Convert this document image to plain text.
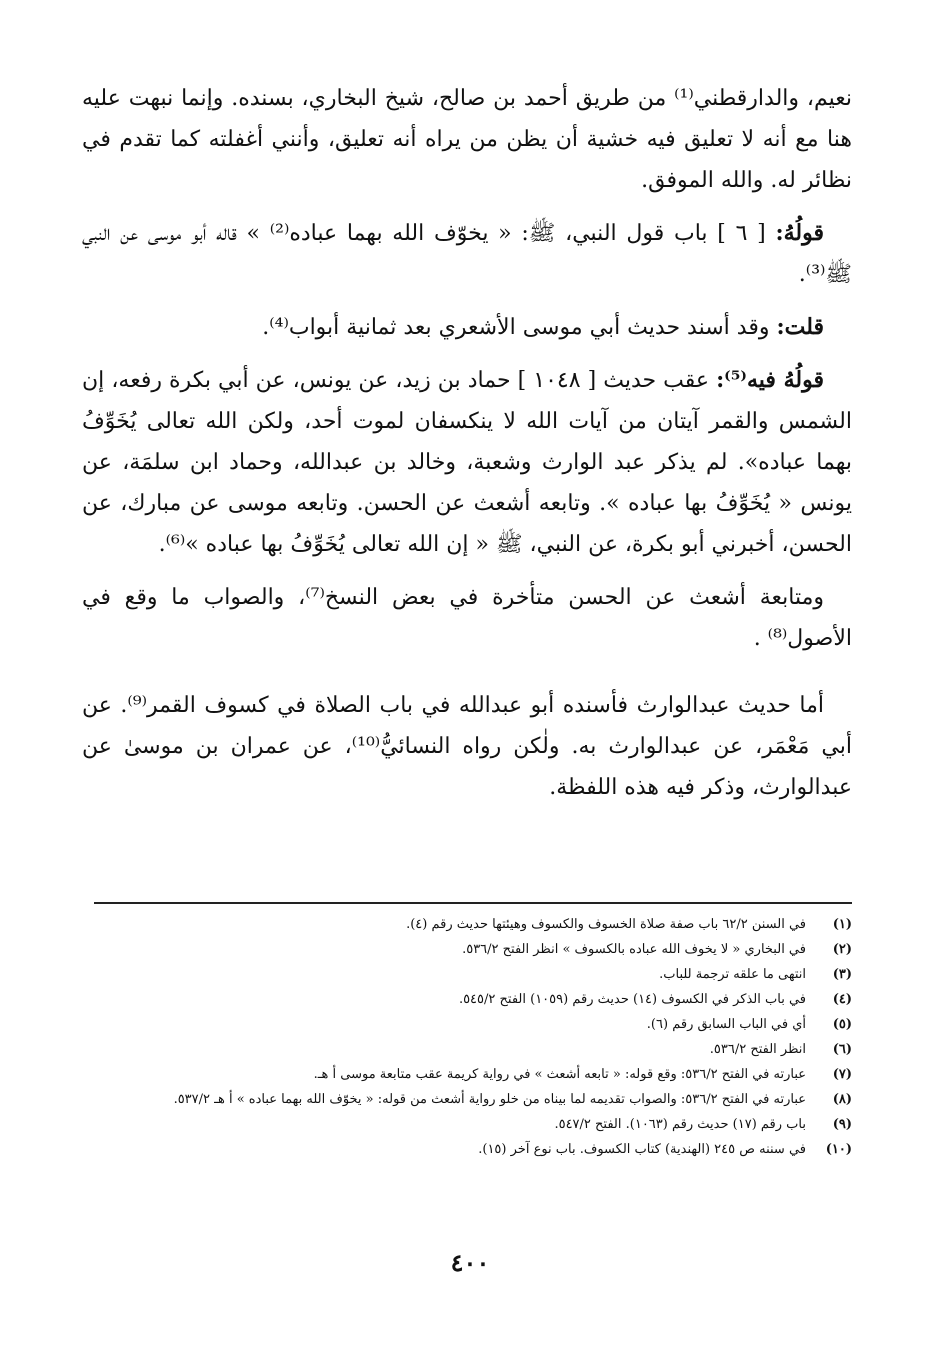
نعيم، والدارقطني⁽¹⁾ من طريق أحمد بن صالح، شيخ البخاري، بسنده. وإنما نبهت عليه هنا مع أنه لا تعليق فيه خشية أن يظن من يراه أنه تعليق، وأنني أغفلته كما تقدم في نظائر له. والله الموفق.

قولُهُ: [ ٦ ] باب قول النبي، ﷺ: « يخوّف الله بهما عباده⁽²⁾ » قاله أبو موسى عن النبي ﷺ⁽³⁾.

قلت: وقد أسند حديث أبي موسى الأشعري بعد ثمانية أبواب⁽⁴⁾.

قولُهُ فيه⁽⁵⁾: عقب حديث [ ١٠٤٨ ] حماد بن زيد، عن يونس، عن أبي بكرة رفعه، إن الشمس والقمر آيتان من آيات الله لا ينكسفان لموت أحد، ولكن الله تعالى يُخَوِّفُ بهما عباده». لم يذكر عبد الوارث وشعبة، وخالد بن عبدالله، وحماد ابن سلمَة، عن يونس « يُخَوِّفُ بها عباده ». وتابعه أشعث عن الحسن. وتابعه موسى عن مبارك، عن الحسن، أخبرني أبو بكرة، عن النبي، ﷺ « إن الله تعالى يُخَوِّفُ بها عباده »⁽⁶⁾.

ومتابعة أشعث عن الحسن متأخرة في بعض النسخ⁽⁷⁾، والصواب ما وقع في الأصول⁽⁸⁾ .

أما حديث عبدالوارث فأسنده أبو عبدالله في باب الصلاة في كسوف القمر⁽⁹⁾. عن أبي مَعْمَر، عن عبدالوارث به. ولٰكن رواه النسائيُّ⁽¹⁰⁾، عن عمران بن موسىٰ عن عبدالوارث، وذكر فيه هذه اللفظة.

(١)
في السنن ٦٢/٢ باب صفة صلاة الخسوف والكسوف وهيئتها حديث رقم (٤).
(٢)
في البخاري « لا يخوف الله عباده بالكسوف » انظر الفتح ٥٣٦/٢.
(٣)
انتهى ما علقه ترجمة للباب.
(٤)
في باب الذكر في الكسوف (١٤) حديث رقم (١٠٥٩) الفتح ٥٤٥/٢.
(٥)
أي في الباب السابق رقم (٦).
(٦)
انظر الفتح ٥٣٦/٢.
(٧)
عبارته في الفتح ٥٣٦/٢: وقع قوله: « تابعه أشعث » في رواية كريمة عقب متابعة موسى أ هـ.
(٨)
عبارته في الفتح ٥٣٦/٢: والصواب تقديمه لما بيناه من خلو رواية أشعث من قوله: « يخوّف الله بهما عباده » أ هـ ٥٣٧/٢.
(٩)
باب رقم (١٧) حديث رقم (١٠٦٣). الفتح ٥٤٧/٢.
(١٠)
في سننه ص ٢٤٥ (الهندية) كتاب الكسوف. باب نوع آخر (١٥).
٤٠٠
